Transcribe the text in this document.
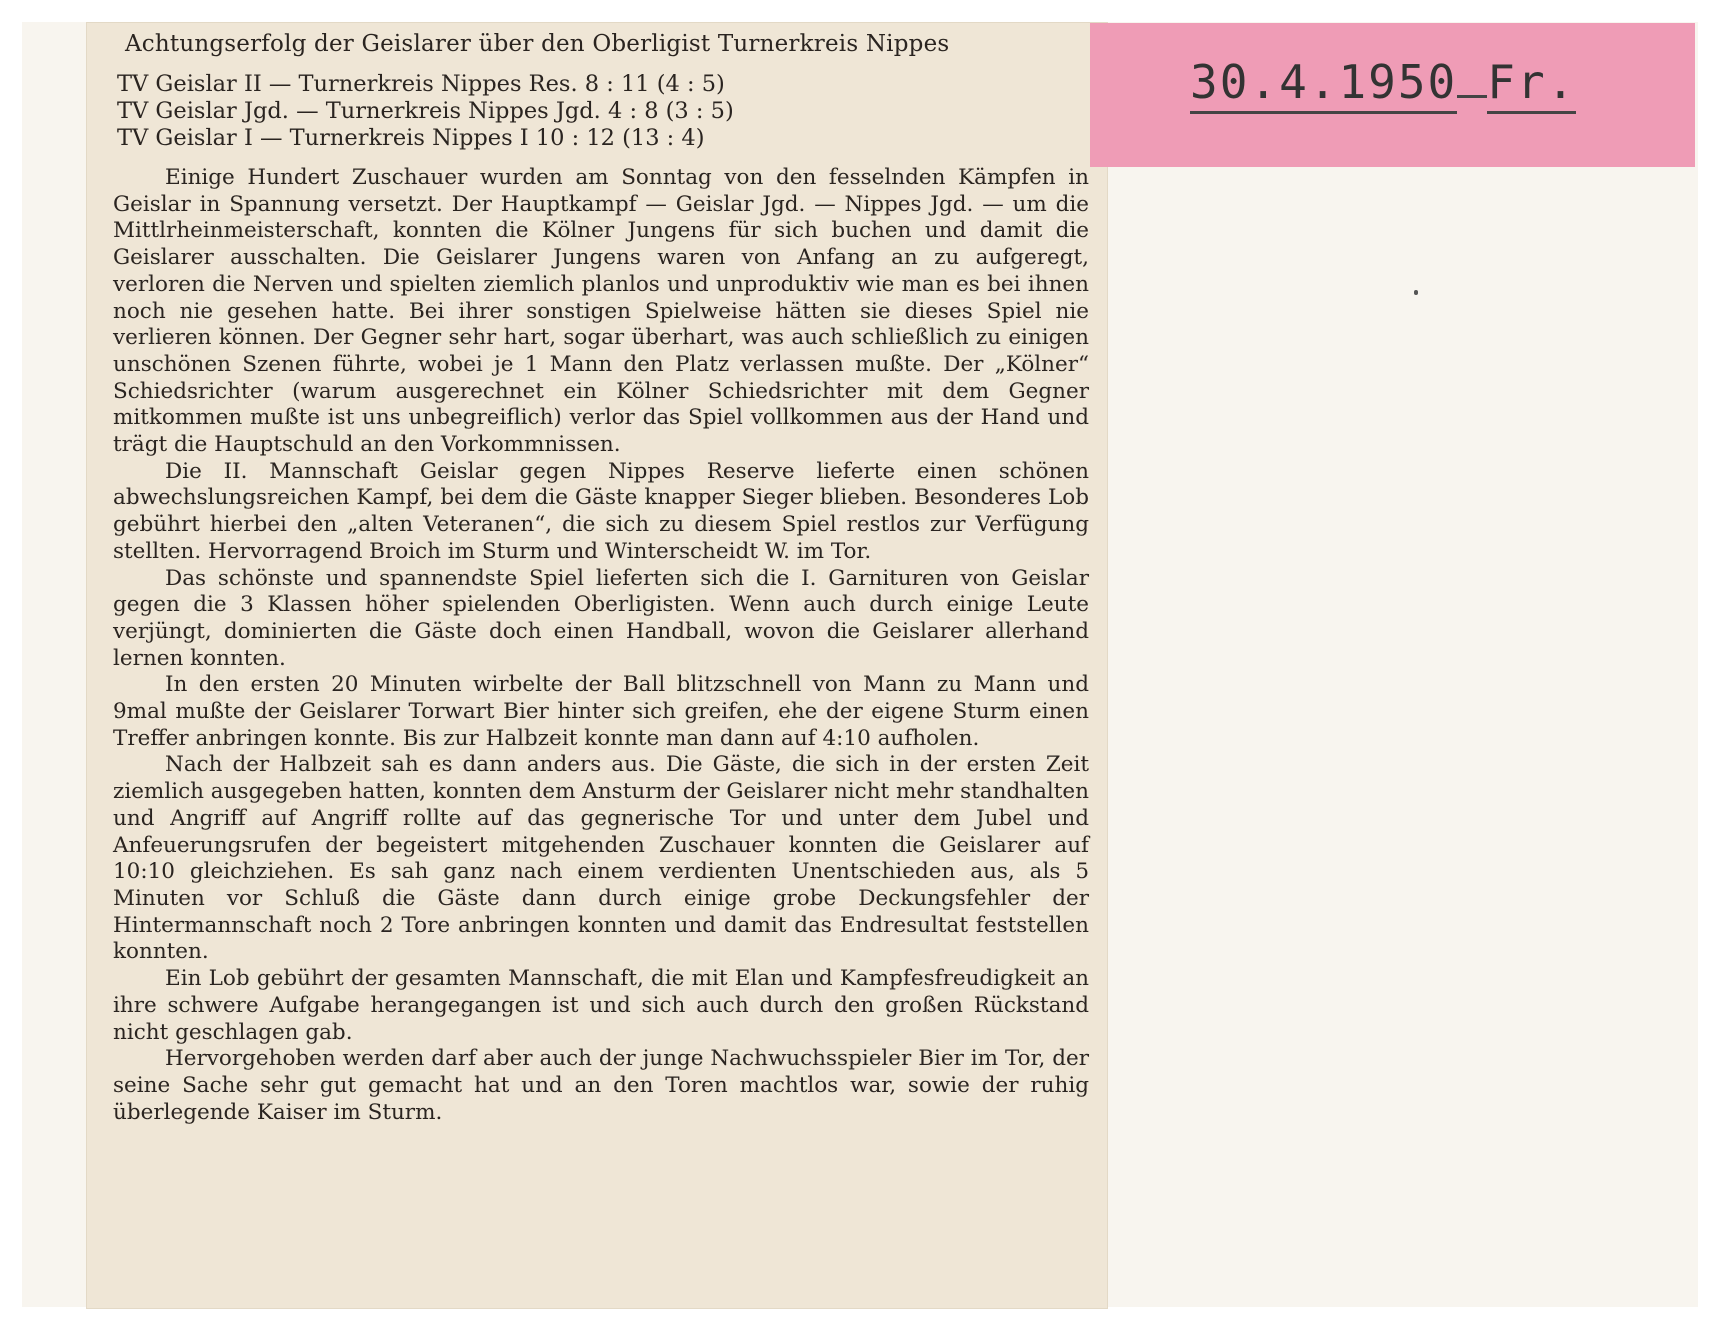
Achtungserfolg der Geislarer über den Oberligist Turnerkreis Nippes
TV Geislar II — Turnerkreis Nippes Res. 8 : 11 (4 : 5)
TV Geislar Jgd. — Turnerkreis Nippes Jgd. 4 : 8 (3 : 5)
TV Geislar I — Turnerkreis Nippes I 10 : 12 (13 : 4)

Einige Hundert Zuschauer wurden am Sonntag von den fesselnden Kämpfen in Geislar in Spannung versetzt. Der Hauptkampf — Geislar Jgd. — Nippes Jgd. — um die Mittlrheinmeisterschaft, konnten die Kölner Jungens für sich buchen und damit die Geislarer ausschalten. Die Geislarer Jungens waren von Anfang an zu aufgeregt, verloren die Nerven und spielten ziemlich planlos und unproduktiv wie man es bei ihnen noch nie gesehen hatte. Bei ihrer sonstigen Spielweise hätten sie dieses Spiel nie verlieren können. Der Gegner sehr hart, sogar überhart, was auch schließlich zu einigen unschönen Szenen führte, wobei je 1 Mann den Platz verlassen mußte. Der „Kölner“ Schiedsrichter (warum ausgerechnet ein Kölner Schiedsrichter mit dem Gegner mitkommen mußte ist uns unbegreiflich) verlor das Spiel vollkommen aus der Hand und trägt die Hauptschuld an den Vorkommnissen.

Die II. Mannschaft Geislar gegen Nippes Reserve lieferte einen schönen abwechslungsreichen Kampf, bei dem die Gäste knapper Sieger blieben. Besonderes Lob gebührt hierbei den „alten Veteranen“, die sich zu diesem Spiel restlos zur Verfügung stellten. Hervorragend Broich im Sturm und Winterscheidt W. im Tor.

Das schönste und spannendste Spiel lieferten sich die I. Garnituren von Geislar gegen die 3 Klassen höher spielenden Oberligisten. Wenn auch durch einige Leute verjüngt, dominierten die Gäste doch einen Handball, wovon die Geislarer allerhand lernen konnten.

In den ersten 20 Minuten wirbelte der Ball blitzschnell von Mann zu Mann und 9mal mußte der Geislarer Torwart Bier hinter sich greifen, ehe der eigene Sturm einen Treffer anbringen konnte. Bis zur Halbzeit konnte man dann auf 4:10 aufholen.

Nach der Halbzeit sah es dann anders aus. Die Gäste, die sich in der ersten Zeit ziemlich ausgegeben hatten, konnten dem Ansturm der Geislarer nicht mehr standhalten und Angriff auf Angriff rollte auf das gegnerische Tor und unter dem Jubel und Anfeuerungsrufen der begeistert mitgehenden Zuschauer konnten die Geislarer auf 10:10 gleichziehen. Es sah ganz nach einem verdienten Unentschieden aus, als 5 Minuten vor Schluß die Gäste dann durch einige grobe Deckungsfehler der Hintermannschaft noch 2 Tore anbringen konnten und damit das Endresultat feststellen konnten.

Ein Lob gebührt der gesamten Mannschaft, die mit Elan und Kampfesfreudigkeit an ihre schwere Aufgabe herangegangen ist und sich auch durch den großen Rückstand nicht geschlagen gab.

Hervorgehoben werden darf aber auch der junge Nachwuchsspieler Bier im Tor, der seine Sache sehr gut gemacht hat und an den Toren machtlos war, sowie der ruhig überlegende Kaiser im Sturm.

30.4.1950 Fr.
